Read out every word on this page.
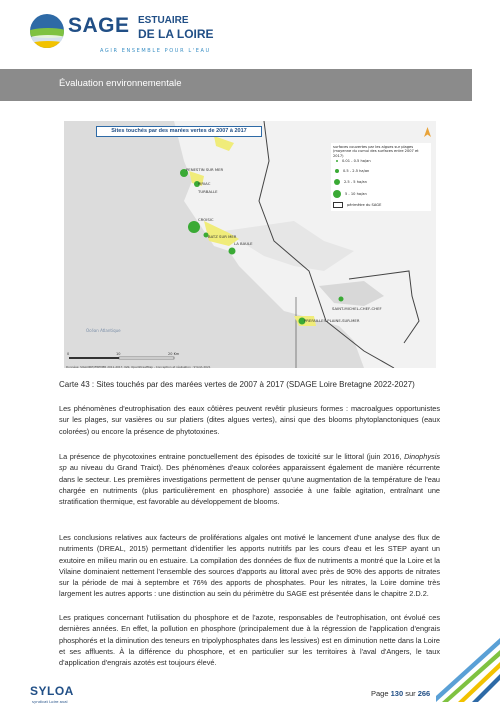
SAGE ESTUAIRE
DE LA LOIRE
AGIR ENSEMBLE POUR L'EAU
Évaluation environnementale
PENESTIN SUR MER
PIRIAC
TURBALLE
CROISIC
BATZ SUR MER
LA BAULE
SAINT-MICHEL-CHEF-CHEF
PREFAILLES-PLAINE-SUR-MER
Océan Atlantique
0	10	20 Km
Sites touchés par des marées vertes de 2007 à 2017
surfaces couvertes par les algues sur plages (moyenne du cumul des surfaces entre 2007 et 2017)
0.01 - 0.5 ha/an
0.5 - 2.5 ha/an
2.5 - 5 ha/an
5 - 10 ha/an
périmètre du SAGE
Données: SIGLOIRE/IFREMER 2011-2017, IGN, OpenStreetMap - Conception et réalisation : SYLOA 2021
Carte 43 : Sites touchés par des marées vertes de 2007 à 2017 (SDAGE Loire Bretagne 2022-2027)

Les phénomènes d'eutrophisation des eaux côtières peuvent revêtir plusieurs formes : macroalgues opportunistes sur les plages, sur vasières ou sur platiers (dites algues vertes), ainsi que des blooms phytoplanctoniques (eaux colorées) ou encore la présence de phytotoxines.

La présence de phycotoxines entraine ponctuellement des épisodes de toxicité sur le littoral (juin 2016, Dinophysis sp au niveau du Grand Traict). Des phénomènes d'eaux colorées apparaissent également de manière récurrente dans le secteur. Les premières investigations permettent de penser qu'une augmentation de la température de l'eau chargée en nutriments (plus particulièrement en phosphore) associée à une faible agitation, entraînant une stratification thermique, est favorable au développement de blooms.

Les conclusions relatives aux facteurs de proliférations algales ont motivé le lancement d'une analyse des flux de nutriments (DREAL, 2015) permettant d'identifier les apports nutritifs par les cours d'eau et les STEP ayant un exutoire en milieu marin ou en estuaire. La compilation des données de flux de nutriments a montré que la Loire et la Vilaine dominaient nettement l'ensemble des sources d'apports au littoral avec près de 90% des apports de nitrates sur la période de mai à septembre et 76% des apports de phosphates. Pour les nitrates, la Loire domine très largement les autres apports : une distinction au sein du périmètre du SAGE est présentée dans le chapitre 2.D.2.

Les pratiques concernant l'utilisation du phosphore et de l'azote, responsables de l'eutrophisation, ont évolué ces dernières années. En effet, la pollution en phosphore (principalement due à la régression de l'application d'engrais phosphorés et la diminution des teneurs en tripolyphosphates dans les lessives) est en diminution nette dans la Loire et ses affluents. À la différence du phosphore, et en particulier sur les territoires à l'aval d'Angers, le taux d'application d'engrais azotés est toujours élevé.

SYLOA
syndicat Loire aval
Page 130 sur 266
